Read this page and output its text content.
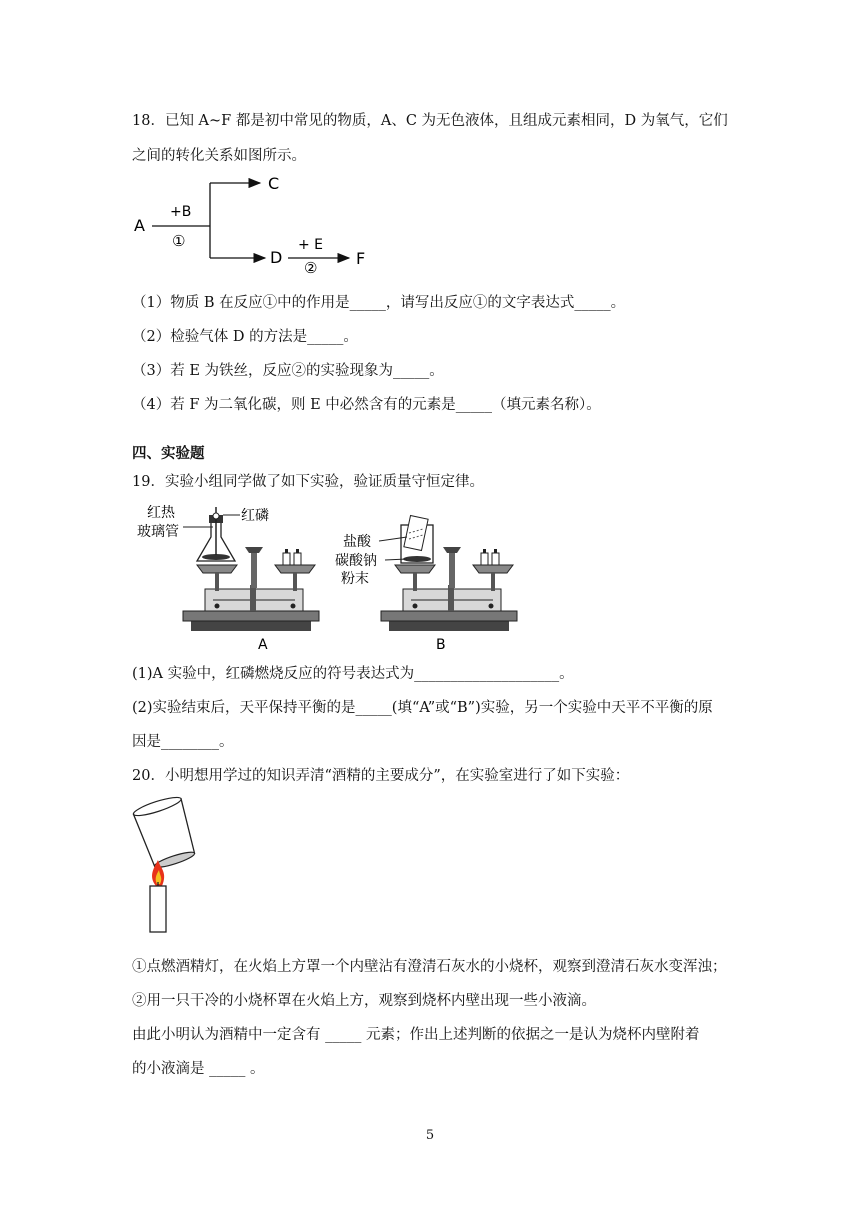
18．已知 A~F 都是初中常见的物质，A、C 为无色液体，且组成元素相同，D 为氧气，它们
之间的转化关系如图所示。
A
+B
①
C
D
+ E
② F
（1）物质 B 在反应①中的作用是_____，请写出反应①的文字表达式_____。
（2）检验气体 D 的方法是_____。
（3）若 E 为铁丝，反应②的实验现象为_____。
（4）若 F 为二氧化碳，则 E 中必然含有的元素是_____（填元素名称）。
四、实验题
19．实验小组同学做了如下实验，验证质量守恒定律。
红热
玻璃管
红磷
A
盐酸
碳酸钠
粉末
B
(1)A 实验中，红磷燃烧反应的符号表达式为____________________。
(2)实验结束后，天平保持平衡的是_____(填“A”或“B”)实验，另一个实验中天平不平衡的原
因是________。
20．小明想用学过的知识弄清“酒精的主要成分”，在实验室进行了如下实验：
①点燃酒精灯，在火焰上方罩一个内壁沾有澄清石灰水的小烧杯，观察到澄清石灰水变浑浊；
②用一只干冷的小烧杯罩在火焰上方，观察到烧杯内壁出现一些小液滴。
由此小明认为酒精中一定含有 _____ 元素；作出上述判断的依据之一是认为烧杯内壁附着
的小液滴是 _____ 。
5
